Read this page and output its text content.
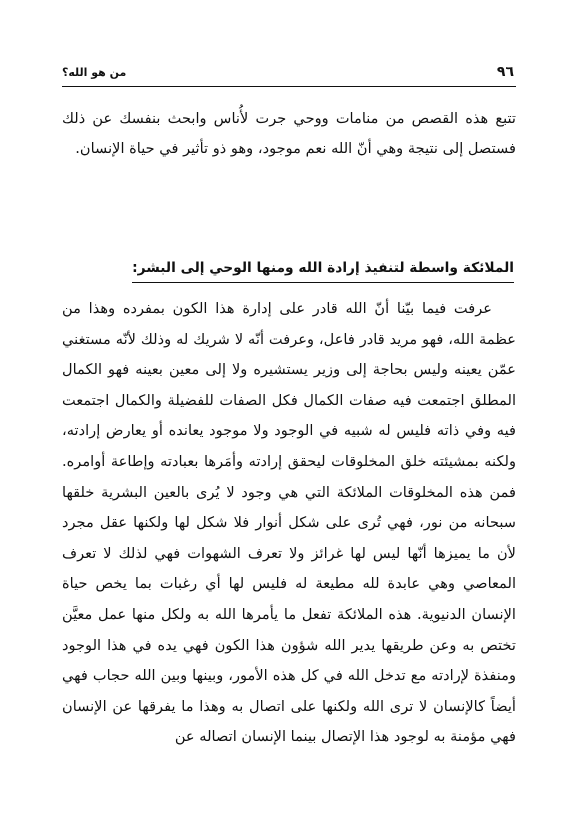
٩٦
من هو الله؟

تتبع هذه القصص من منامات ووحي جرت لأُناس وابحث بنفسك عن ذلك فستصل إلى نتيجة وهي أنّ الله نعم موجود، وهو ذو تأثير في حياة الإنسان.

الملائكة واسطة لتنفيذ إرادة الله ومنها الوحي إلى البشر:

عرفت فيما بيّنا أنّ الله قادر على إدارة هذا الكون بمفرده وهذا من عظمة الله، فهو مريد قادر فاعل، وعرفت أنّه لا شريك له وذلك لأنّه مستغني عمّن يعينه وليس بحاجة إلى وزير يستشيره ولا إلى معين بعينه فهو الكمال المطلق اجتمعت فيه صفات الكمال فكل الصفات للفضيلة والكمال اجتمعت فيه وفي ذاته فليس له شبيه في الوجود ولا موجود يعانده أو يعارض إرادته، ولكنه بمشيئته خلق المخلوقات ليحقق إرادته وأمَرها بعبادته وإطاعة أوامره. فمن هذه المخلوقات الملائكة التي هي وجود لا يُرى بالعين البشرية خلقها سبحانه من نور، فهي تُرى على شكل أنوار فلا شكل لها ولكنها عقل مجرد لأن ما يميزها أنّها ليس لها غرائز ولا تعرف الشهوات فهي لذلك لا تعرف المعاصي وهي عابدة لله مطيعة له فليس لها أي رغبات بما يخص حياة الإنسان الدنيوية. هذه الملائكة تفعل ما يأمرها الله به ولكل منها عمل معيَّن تختص به وعن طريقها يدير الله شؤون هذا الكون فهي يده في هذا الوجود ومنفذة لإرادته مع تدخل الله في كل هذه الأمور، وبينها وبين الله حجاب فهي أيضاً كالإنسان لا ترى الله ولكنها على اتصال به وهذا ما يفرقها عن الإنسان فهي مؤمنة به لوجود هذا الإتصال بينما الإنسان اتصاله عن
